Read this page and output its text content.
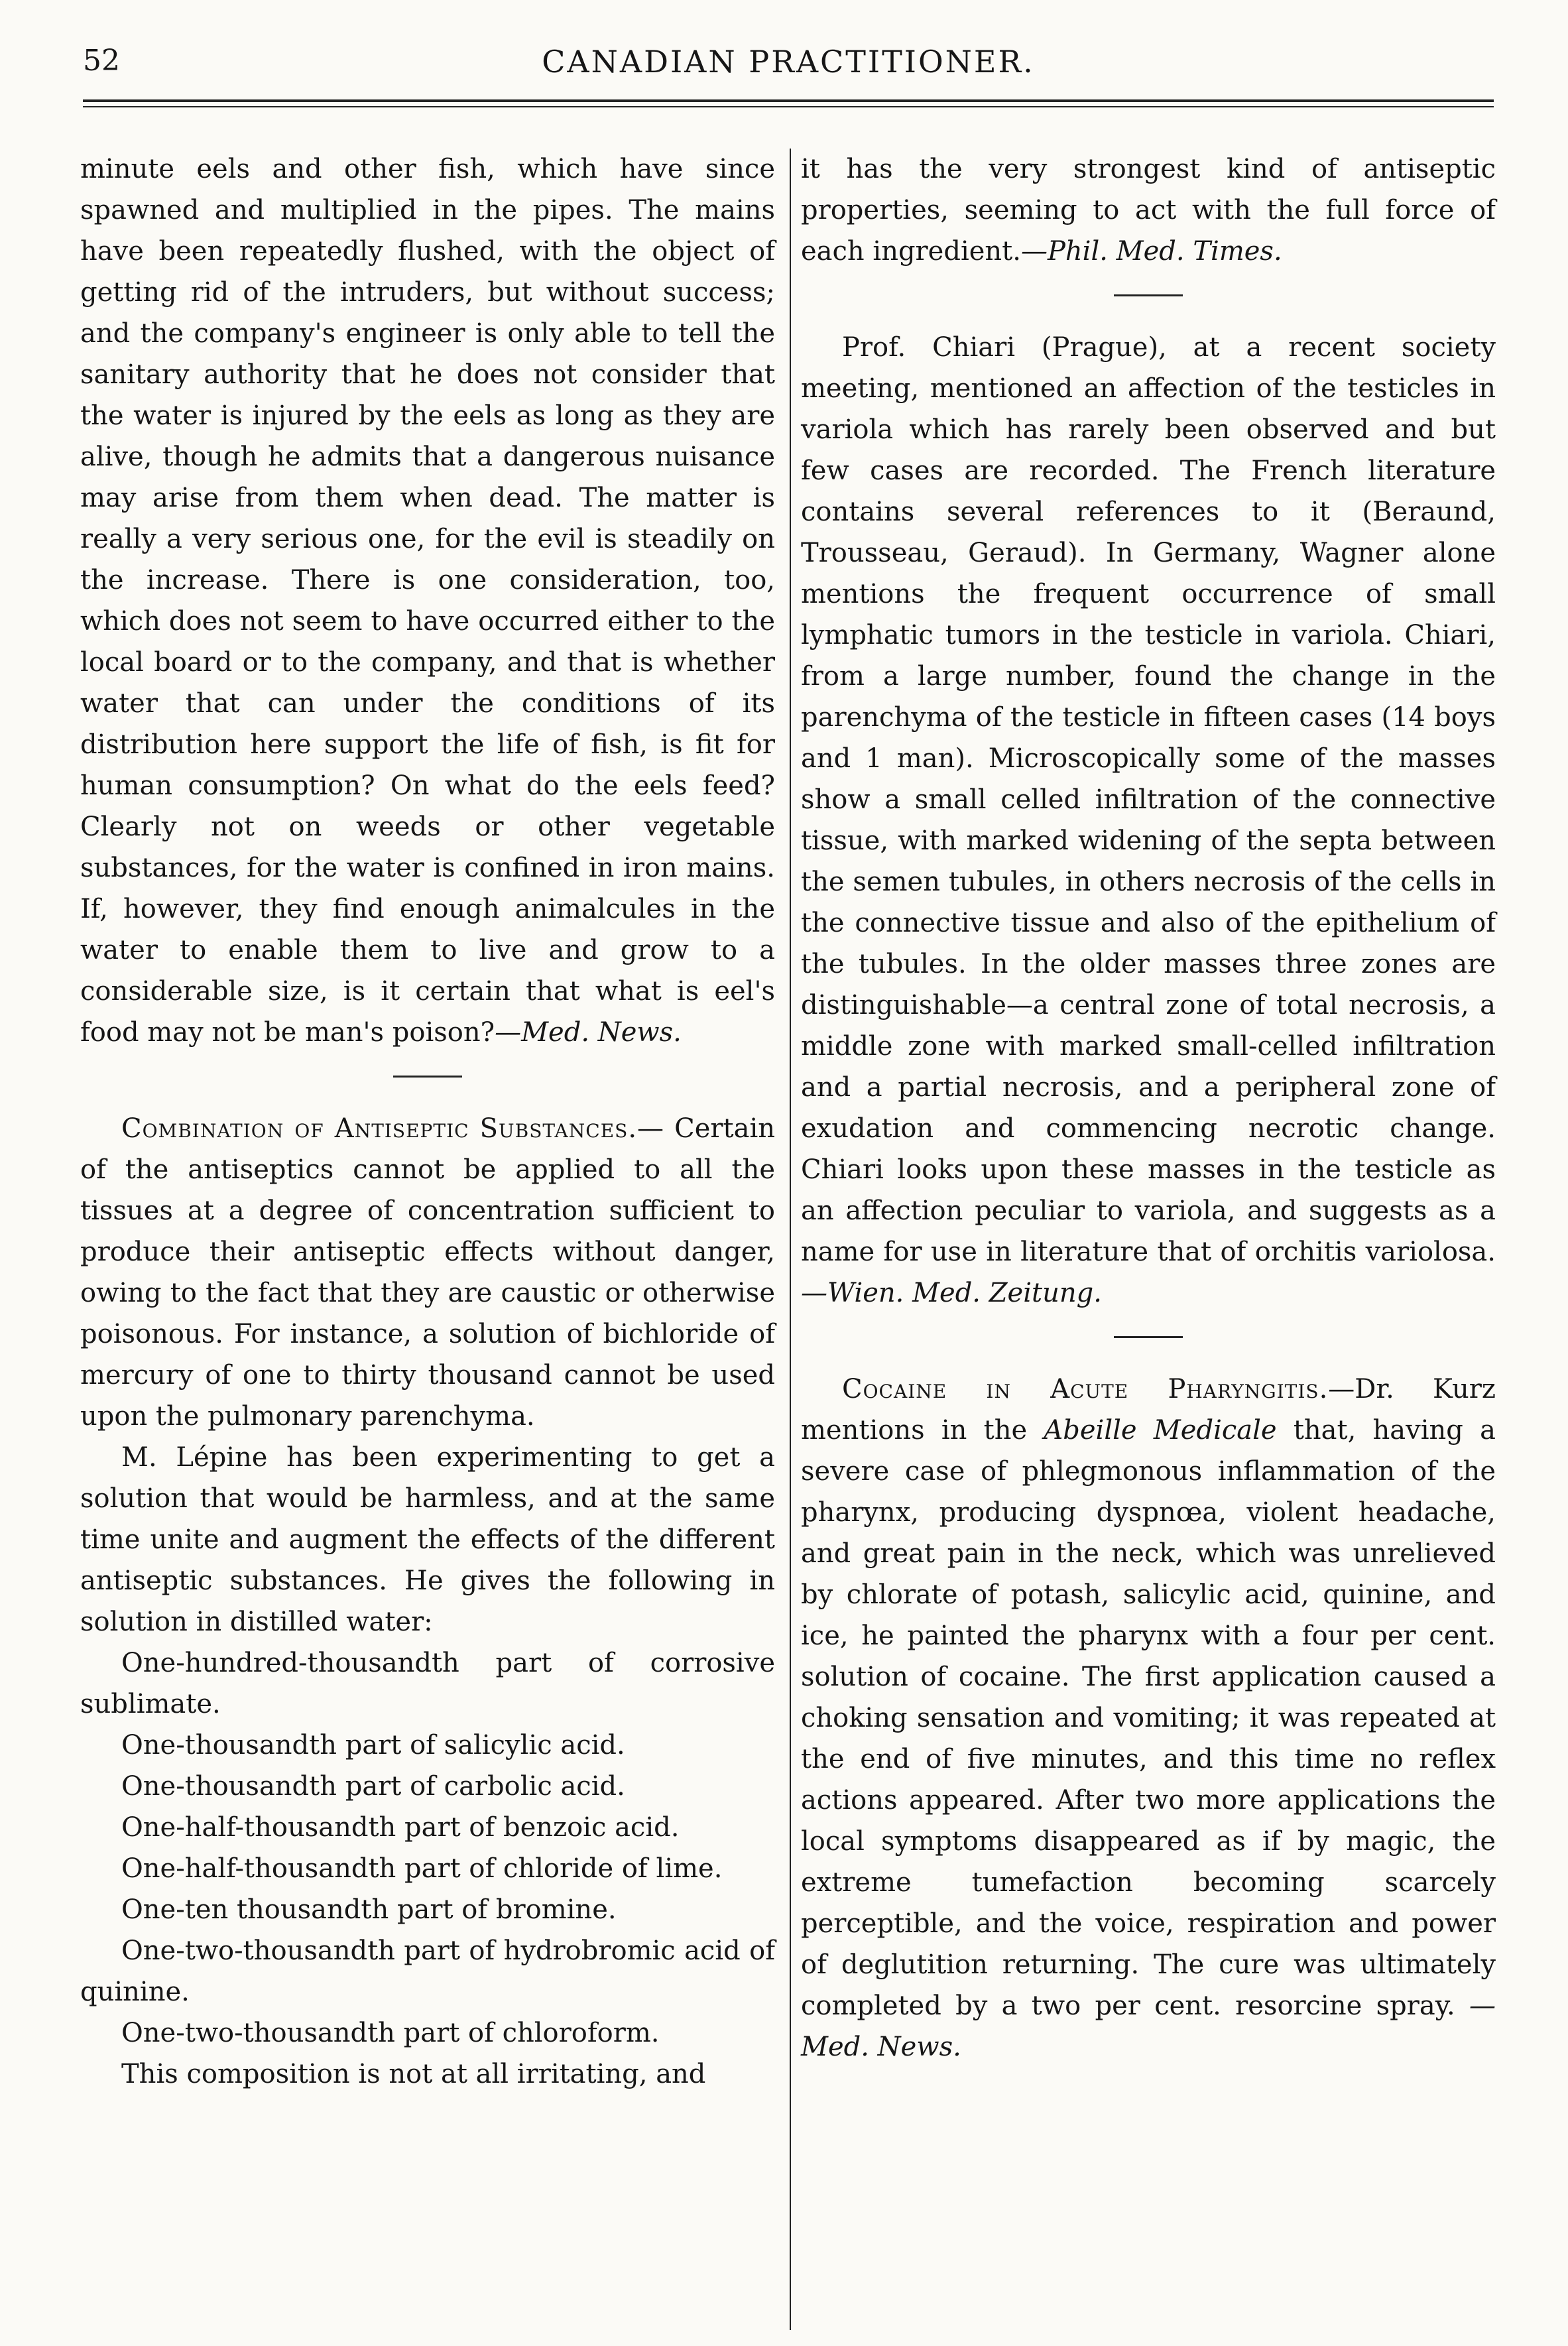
52	CANADIAN PRACTITIONER.

minute eels and other fish, which have since spawned and multiplied in the pipes. The mains have been repeatedly flushed, with the object of getting rid of the intruders, but without success; and the company's engineer is only able to tell the sanitary authority that he does not consider that the water is injured by the eels as long as they are alive, though he admits that a dangerous nuisance may arise from them when dead. The matter is really a very serious one, for the evil is steadily on the increase. There is one consideration, too, which does not seem to have occurred either to the local board or to the company, and that is whether water that can under the conditions of its distribution here support the life of fish, is fit for human consumption? On what do the eels feed? Clearly not on weeds or other vegetable substances, for the water is confined in iron mains. If, however, they find enough animalcules in the water to enable them to live and grow to a considerable size, is it certain that what is eel's food may not be man's poison?—Med. News.

Combination of Antiseptic Substances.— Certain of the antiseptics cannot be applied to all the tissues at a degree of concentration sufficient to produce their antiseptic effects without danger, owing to the fact that they are caustic or otherwise poisonous. For instance, a solution of bichloride of mercury of one to thirty thousand cannot be used upon the pulmonary parenchyma.

M. Lépine has been experimenting to get a solution that would be harmless, and at the same time unite and augment the effects of the different antiseptic substances. He gives the following in solution in distilled water:

One-hundred-thousandth part of corrosive sublimate.

One-thousandth part of salicylic acid.

One-thousandth part of carbolic acid.

One-half-thousandth part of benzoic acid.

One-half-thousandth part of chloride of lime.

One-ten thousandth part of bromine.

One-two-thousandth part of hydrobromic acid of quinine.

One-two-thousandth part of chloroform.

This composition is not at all irritating, and

it has the very strongest kind of antiseptic properties, seeming to act with the full force of each ingredient.—Phil. Med. Times.

Prof. Chiari (Prague), at a recent society meeting, mentioned an affection of the testicles in variola which has rarely been observed and but few cases are recorded. The French literature contains several references to it (Beraund, Trousseau, Geraud). In Germany, Wagner alone mentions the frequent occurrence of small lymphatic tumors in the testicle in variola. Chiari, from a large number, found the change in the parenchyma of the testicle in fifteen cases (14 boys and 1 man). Microscopically some of the masses show a small celled infiltration of the connective tissue, with marked widening of the septa between the semen tubules, in others necrosis of the cells in the connective tissue and also of the epithelium of the tubules. In the older masses three zones are distinguishable—a central zone of total necrosis, a middle zone with marked small-celled infiltration and a partial necrosis, and a peripheral zone of exudation and commencing necrotic change. Chiari looks upon these masses in the testicle as an affection peculiar to variola, and suggests as a name for use in literature that of orchitis variolosa.—Wien. Med. Zeitung.

Cocaine in Acute Pharyngitis.—Dr. Kurz mentions in the Abeille Medicale that, having a severe case of phlegmonous inflammation of the pharynx, producing dyspnœa, violent headache, and great pain in the neck, which was unrelieved by chlorate of potash, salicylic acid, quinine, and ice, he painted the pharynx with a four per cent. solution of cocaine. The first application caused a choking sensation and vomiting; it was repeated at the end of five minutes, and this time no reflex actions appeared. After two more applications the local symptoms disappeared as if by magic, the extreme tumefaction becoming scarcely perceptible, and the voice, respiration and power of deglutition returning. The cure was ultimately completed by a two per cent. resorcine spray. —Med. News.
